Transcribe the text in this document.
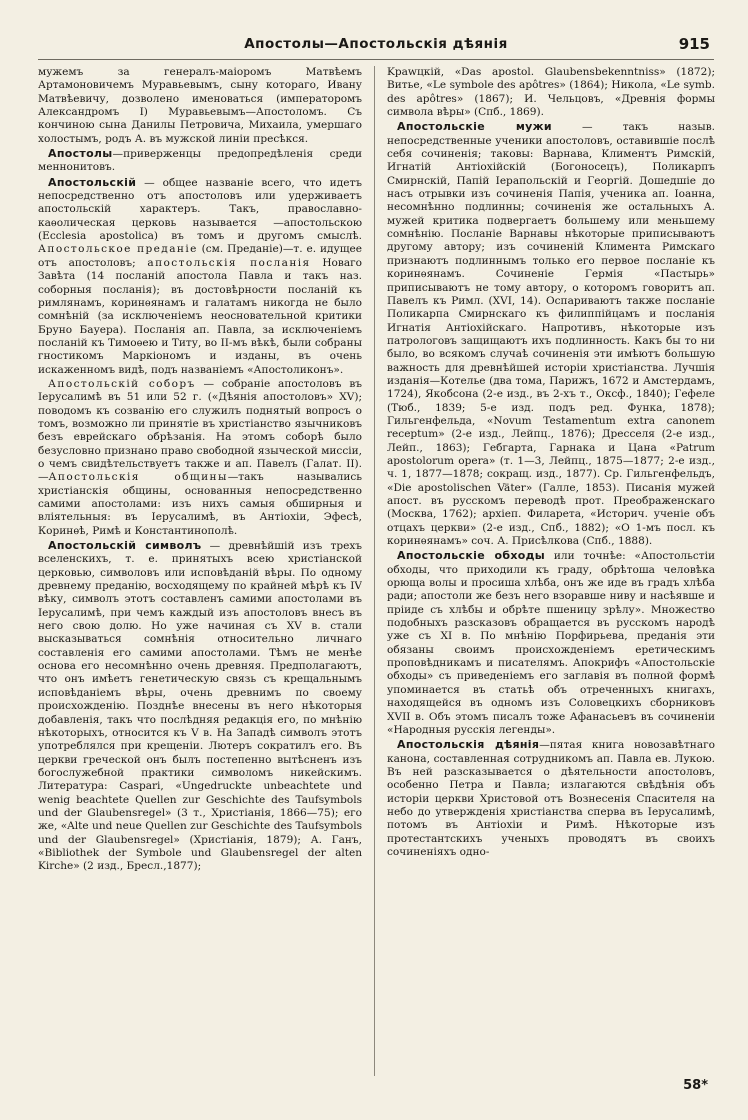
Апостолы—Апостольскія дѣянія	915

мужемъ за генералъ-маіоромъ Матвѣемъ Артамоновичемъ Муравьевымъ, сыну котораго, Ивану Матвѣевичу, дозволено именоваться (императоромъ Александромъ I) Муравьевымъ—Апостоломъ. Съ кончиною сына Данилы Петровича, Михаила, умершаго холостымъ, родъ А. въ мужской линіи пресѣкся.

Апостолы—приверженцы предопредѣленія среди меннонитовъ.

Апостольскій — общее названіе всего, что идетъ непосредственно отъ апостоловъ или удерживаетъ апостольскій характеръ. Такъ, православно-каѳолическая церковь называется —апостольскою (Ecclesia apostolica) въ томъ и другомъ смыслѣ. Апостольское преданіе (см. Преданіе)—т. е. идущее отъ апостоловъ; апостольскія посланія Новаго Завѣта (14 посланій апостола Павла и такъ наз. соборныя посланія); въ достовѣрности посланій къ римлянамъ, коринѳянамъ и галатамъ никогда не было сомнѣній (за исключеніемъ неосновательной критики Бруно Бауера). Посланія ап. Павла, за исключеніемъ посланій къ Тимоѳею и Титу, во II-мъ вѣкѣ, были собраны гностикомъ Маркіономъ и изданы, въ очень искаженномъ видѣ, подъ названіемъ «Апостоликонъ».

Апостольскій соборъ — собраніе апостоловъ въ Іерусалимѣ въ 51 или 52 г. («Дѣянія апостоловъ» XV); поводомъ къ созванію его служилъ поднятый вопросъ о томъ, возможно ли принятіе въ христіанство язычниковъ безъ еврейскаго обрѣзанія. На этомъ соборѣ было безусловно признано право свободной языческой миссіи, о чемъ свидѣтельствуетъ также и ап. Павелъ (Галат. II).—Апостольскія общины—такъ назывались христіанскія общины, основанныя непосредственно самими апостолами: изъ нихъ самыя обширныя и вліятельныя: въ Іерусалимѣ, въ Антіохіи, Эфесѣ, Коринѳѣ, Римѣ и Константинополѣ.

Апостольскій символъ — древнѣйшій изъ трехъ вселенскихъ, т. е. принятыхъ всею христіанской церковью, символовъ или исповѣданій вѣры. По одному древнему преданію, восходящему по крайней мѣрѣ къ IV вѣку, символъ этотъ составленъ самими апостолами въ Іерусалимѣ, при чемъ каждый изъ апостоловъ внесъ въ него свою долю. Но уже начиная съ XV в. стали высказываться сомнѣнія относительно личнаго составленія его самими апостолами. Тѣмъ не менѣе основа его несомнѣнно очень древняя. Предполагаютъ, что онъ имѣетъ генетическую связь съ крещальнымъ исповѣданіемъ вѣры, очень древнимъ по своему происхожденію. Позднѣе внесены въ него нѣкоторыя добавленія, такъ что послѣдняя редакція его, по мнѣнію нѣкоторыхъ, относится къ V в. На Западѣ символъ этотъ употреблялся при крещеніи. Лютеръ сократилъ его. Въ церкви греческой онъ былъ постепенно вытѣсненъ изъ богослужебной практики символомъ никейскимъ. Литература: Caspari, «Ungedruckte unbeachtete und wenig beachtete Quellen zur Geschichte des Taufsymbols und der Glaubensregel» (3 т., Христіанія, 1866—75); его же, «Alte und neue Quellen zur Geschichte des Taufsymbols und der Glaubensregel» (Христіанія, 1879); А. Ганъ, «Bibliothek der Symbole und Glaubensregel der alten Kirche» (2 изд., Бресл.,1877);

Kраwцкій, «Das apostol. Glaubensbekenntniss» (1872); Витье, «Le symbole des apôtres» (1864); Никола, «Le symb. des apôtres» (1867); И. Чельцовъ, «Древнія формы символа вѣры» (Спб., 1869).

Апостольскіе мужи	— такъ назыв. непосредственные ученики апостоловъ, оставившіе послѣ себя сочиненія; таковы: Варнава, Климентъ Римскій, Игнатій Антіохійскій (Богоносецъ), Поликарпъ Смирнскій, Папій Іерапольскій и Георгій. Дошедшіе до насъ отрывки изъ сочиненія Папія, ученика ап. Іоанна, несомнѣнно подлинны; сочиненія же остальныхъ А. мужей критика подвергаетъ большему или меньшему сомнѣнію. Посланіе Варнавы нѣкоторые приписываютъ другому автору; изъ сочиненій Климента Римскаго признаютъ подлиннымъ только его первое посланіе къ коринѳянамъ. Сочиненіе Гермія «Пастырь» приписываютъ не тому автору, о которомъ говоритъ ап. Павелъ къ Римл. (XVI, 14). Оспариваютъ также посланіе Поликарпа Смирнскаго къ филиппійцамъ и посланія Игнатія Антіохійскаго. Напротивъ, нѣкоторые изъ патрологовъ защищаютъ ихъ подлинность. Какъ бы то ни было, во всякомъ случаѣ сочиненія эти имѣютъ большую важность для древнѣйшей исторіи христіанства. Лучшія изданія—Котелье (два тома, Парижъ, 1672 и Амстердамъ, 1724), Якобсона (2-е изд., въ 2-хъ т., Оксф., 1840); Гефеле (Тюб., 1839; 5-е изд. подъ ред. Функа, 1878); Гильгенфельда, «Novum Testamentum extra canonem receptum» (2-е изд., Лейпц., 1876); Дресселя (2-е изд., Лейп., 1863); Гебгарта, Гарнака и Цана «Patrum apostolorum opera» (т. 1—3, Лейпц., 1875—1877; 2-е изд., ч. 1, 1877—1878; сокращ. изд., 1877). Ср. Гильгенфельдъ, «Die apostolischen Väter» (Галле, 1853). Писанія мужей апост. въ русскомъ переводѣ прот. Преображенскаго (Москва, 1762); архіеп. Филарета, «Историч. ученіе объ отцахъ церкви» (2-е изд., Спб., 1882); «О 1-мъ посл. къ коринѳянамъ» соч. А. Присѣлкова (Спб., 1888).

Апостольскіе обходы или точнѣе: «Апостольстіи обходы, что приходили къ граду, обрѣтоша человѣка орюща волы и просиша хлѣба, онъ же иде въ градъ хлѣба ради; апостоли же безъ него взоравше ниву и насѣявше и пріиде съ хлѣбы и обрѣте пшеницу зрѣлу». Множество подобныхъ разсказовъ обращается въ русскомъ народѣ уже съ XI в. По мнѣнію Порфирьева, преданія эти обязаны своимъ происхожденіемъ еретическимъ проповѣдникамъ и писателямъ. Апокрифъ «Апостольскіе обходы» съ приведеніемъ его заглавія въ полной формѣ упоминается въ статьѣ объ отреченныхъ книгахъ, находящейся въ одномъ изъ Соловецкихъ сборниковъ XVII в. Объ этомъ писалъ тоже Афанасьевъ въ сочиненіи «Народныя русскія легенды».

Апостольскія дѣянія—пятая книга новозавѣтнаго канона, составленная сотрудникомъ ап. Павла ев. Лукою. Въ ней разсказывается о дѣятельности апостоловъ, особенно Петра и Павла; излагаются свѣдѣнія объ исторіи церкви Христовой отъ Вознесенія Спасителя на небо до утвержденія христіанства сперва въ Іерусалимѣ, потомъ въ Антіохіи и Римѣ. Нѣкоторые изъ протестантскихъ ученыхъ проводятъ въ своихъ сочиненіяхъ одно-

58*
